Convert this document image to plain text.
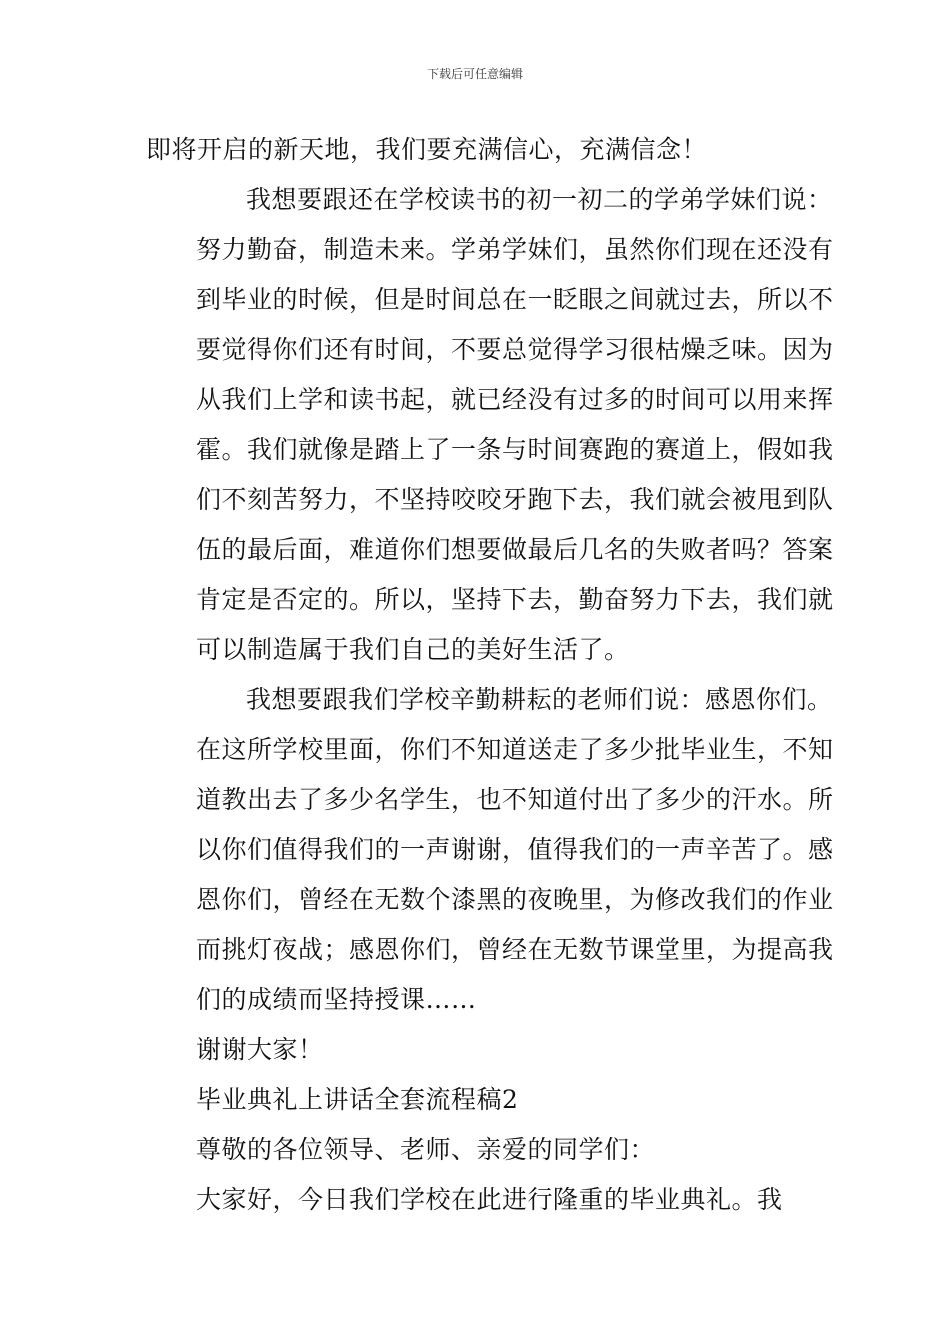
下载后可任意编辑

即将开启的新天地，我们要充满信心，充满信念！

我想要跟还在学校读书的初一初二的学弟学妹们说：
努力勤奋，制造未来。学弟学妹们，虽然你们现在还没有
到毕业的时候，但是时间总在一眨眼之间就过去，所以不
要觉得你们还有时间，不要总觉得学习很枯燥乏味。因为
从我们上学和读书起，就已经没有过多的时间可以用来挥
霍。我们就像是踏上了一条与时间赛跑的赛道上，假如我
们不刻苦努力，不坚持咬咬牙跑下去，我们就会被甩到队
伍的最后面，难道你们想要做最后几名的失败者吗？答案
肯定是否定的。所以，坚持下去，勤奋努力下去，我们就
可以制造属于我们自己的美好生活了。

我想要跟我们学校辛勤耕耘的老师们说：感恩你们。
在这所学校里面，你们不知道送走了多少批毕业生，不知
道教出去了多少名学生，也不知道付出了多少的汗水。所
以你们值得我们的一声谢谢，值得我们的一声辛苦了。感
恩你们，曾经在无数个漆黑的夜晚里，为修改我们的作业
而挑灯夜战；感恩你们，曾经在无数节课堂里，为提高我
们的成绩而坚持授课……

谢谢大家！

毕业典礼上讲话全套流程稿2

尊敬的各位领导、老师、亲爱的同学们：

大家好，今日我们学校在此进行隆重的毕业典礼。我
